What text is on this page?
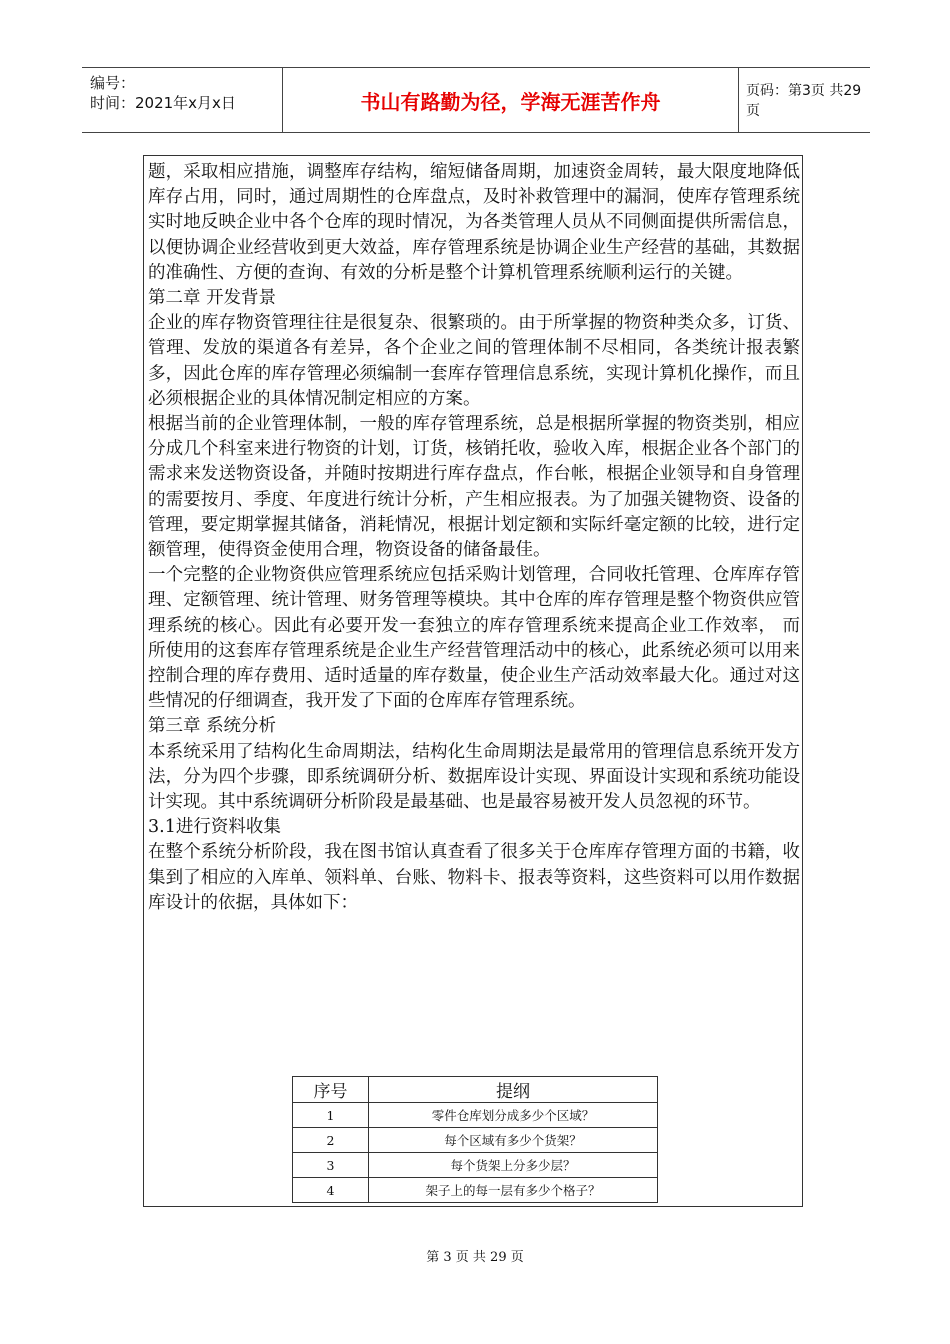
编号：
时间：2021年x月x日	书山有路勤为径，学海无涯苦作舟	页码：第3页 共29页

题，采取相应措施，调整库存结构，缩短储备周期，加速资金周转，最大限度地降低库存占用，同时，通过周期性的仓库盘点，及时补救管理中的漏洞，使库存管理系统实时地反映企业中各个仓库的现时情况，为各类管理人员从不同侧面提供所需信息，以便协调企业经营收到更大效益，库存管理系统是协调企业生产经营的基础，其数据的准确性、方便的查询、有效的分析是整个计算机管理系统顺利运行的关键。

第二章 开发背景

企业的库存物资管理往往是很复杂、很繁琐的。由于所掌握的物资种类众多，订货、管理、发放的渠道各有差异，各个企业之间的管理体制不尽相同，各类统计报表繁多，因此仓库的库存管理必须编制一套库存管理信息系统，实现计算机化操作，而且必须根据企业的具体情况制定相应的方案。

根据当前的企业管理体制，一般的库存管理系统，总是根据所掌握的物资类别，相应分成几个科室来进行物资的计划，订货，核销托收，验收入库，根据企业各个部门的需求来发送物资设备，并随时按期进行库存盘点，作台帐，根据企业领导和自身管理的需要按月、季度、年度进行统计分析，产生相应报表。为了加强关键物资、设备的管理，要定期掌握其储备，消耗情况，根据计划定额和实际纤毫定额的比较，进行定额管理，使得资金使用合理，物资设备的储备最佳。

一个完整的企业物资供应管理系统应包括采购计划管理，合同收托管理、仓库库存管理、定额管理、统计管理、财务管理等模块。其中仓库的库存管理是整个物资供应管理系统的核心。因此有必要开发一套独立的库存管理系统来提高企业工作效率， 而所使用的这套库存管理系统是企业生产经营管理活动中的核心，此系统必须可以用来控制合理的库存费用、适时适量的库存数量，使企业生产活动效率最大化。通过对这些情况的仔细调查，我开发了下面的仓库库存管理系统。

第三章 系统分析

本系统采用了结构化生命周期法，结构化生命周期法是最常用的管理信息系统开发方法，分为四个步骤，即系统调研分析、数据库设计实现、界面设计实现和系统功能设计实现。其中系统调研分析阶段是最基础、也是最容易被开发人员忽视的环节。

3.1进行资料收集

在整个系统分析阶段，我在图书馆认真查看了很多关于仓库库存管理方面的书籍，收集到了相应的入库单、领料单、台账、物料卡、报表等资料，这些资料可以用作数据库设计的依据，具体如下：

序号	提纲
1	零件仓库划分成多少个区域？
2	每个区域有多少个货架？
3	每个货架上分多少层？
4	架子上的每一层有多少个格子？
第 3 页 共 29 页
